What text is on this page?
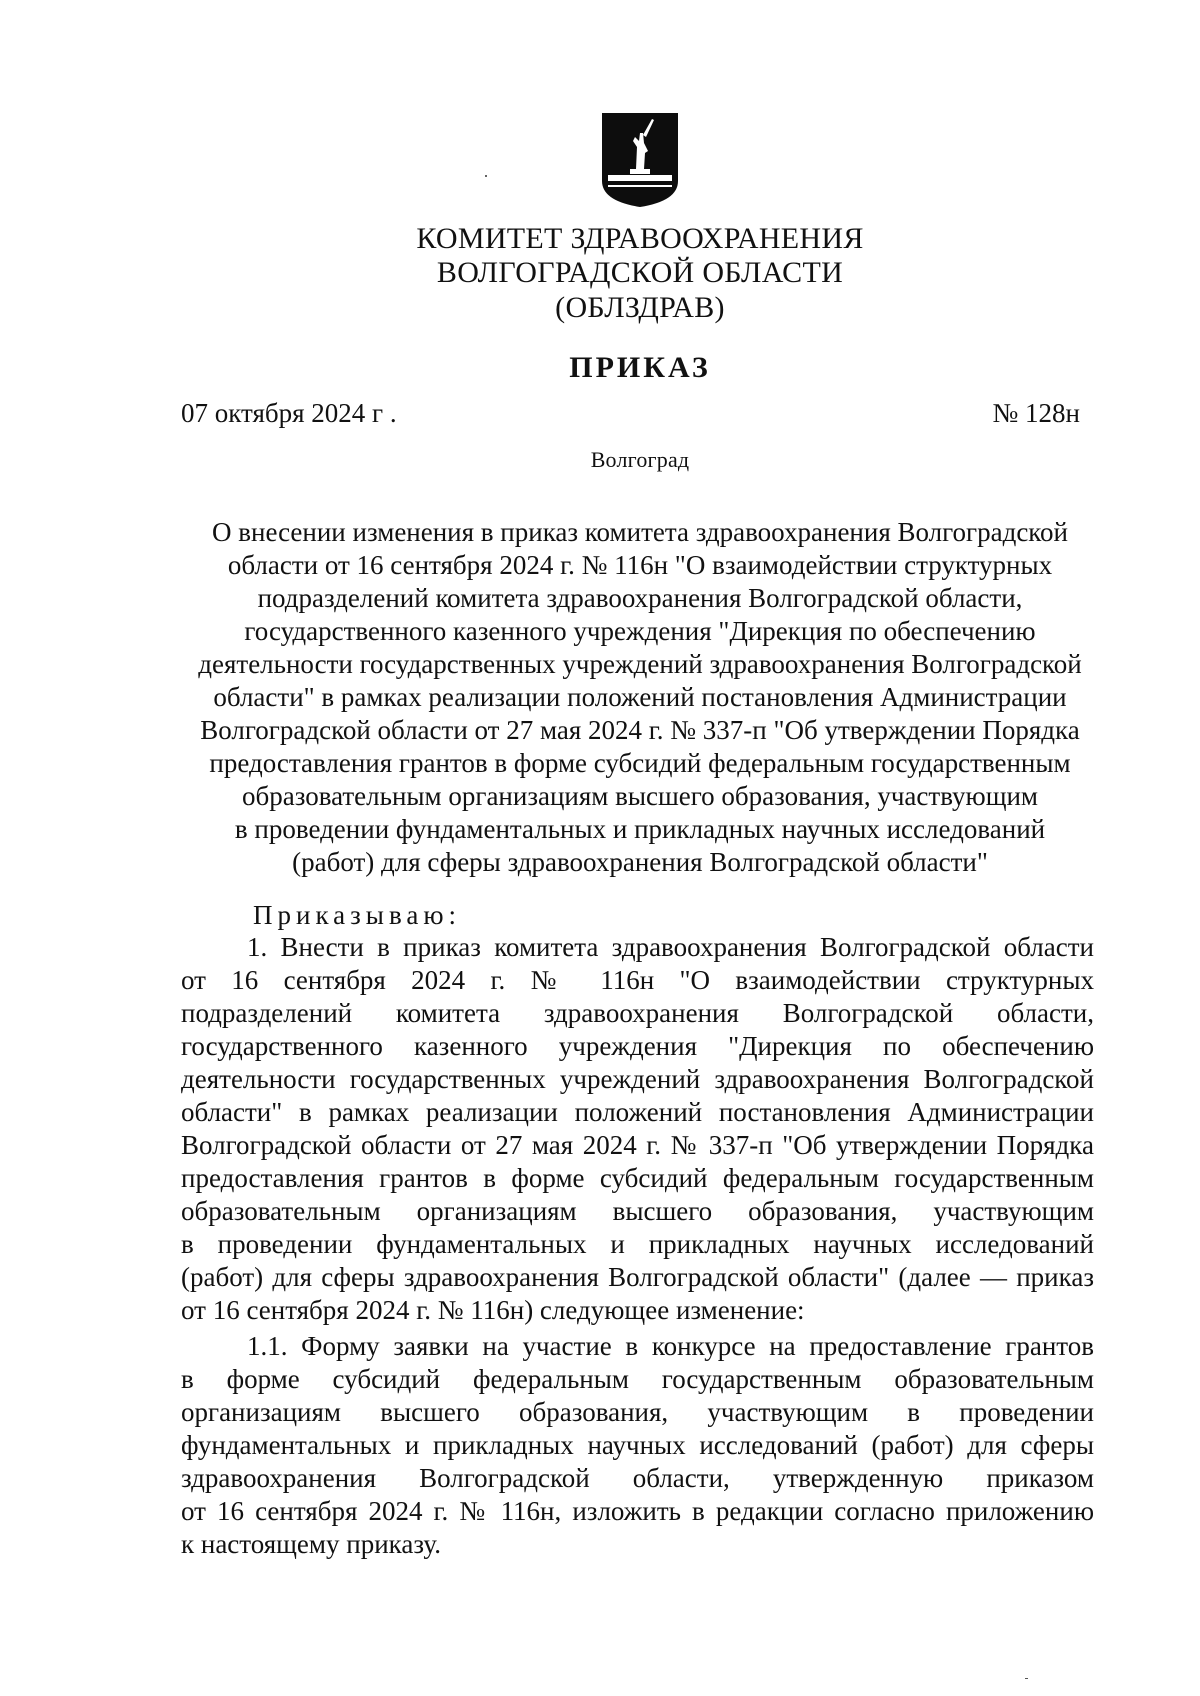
КОМИТЕТ ЗДРАВООХРАНЕНИЯ
ВОЛГОГРАДСКОЙ ОБЛАСТИ
(ОБЛЗДРАВ)
ПРИКАЗ
07 октября 2024 г .	№ 128н
Волгоград
О внесении изменения в приказ комитета здравоохранения Волгоградской
области от 16 сентября 2024 г. № 116н "О взаимодействии структурных
подразделений комитета здравоохранения Волгоградской области,
государственного казенного учреждения "Дирекция по обеспечению
деятельности государственных учреждений здравоохранения Волгоградской
области" в рамках реализации положений постановления Администрации
Волгоградской области от 27 мая 2024 г. № 337-п "Об утверждении Порядка
предоставления грантов в форме субсидий федеральным государственным
образовательным организациям высшего образования, участвующим
в проведении фундаментальных и прикладных научных исследований
(работ) для сферы здравоохранения Волгоградской области"
Приказываю:
1. Внести в приказ комитета здравоохранения Волгоградской области
от 16 сентября 2024 г. № 116н "О взаимодействии структурных
подразделений комитета здравоохранения Волгоградской области,
государственного казенного учреждения "Дирекция по обеспечению
деятельности государственных учреждений здравоохранения Волгоградской
области" в рамках реализации положений постановления Администрации
Волгоградской области от 27 мая 2024 г. № 337-п "Об утверждении Порядка
предоставления грантов в форме субсидий федеральным государственным
образовательным организациям высшего образования, участвующим
в проведении фундаментальных и прикладных научных исследований
(работ) для сферы здравоохранения Волгоградской области" (далее — приказ
от 16 сентября 2024 г. № 116н) следующее изменение:
1.1. Форму заявки на участие в конкурсе на предоставление грантов
в форме субсидий федеральным государственным образовательным
организациям высшего образования, участвующим в проведении
фундаментальных и прикладных научных исследований (работ) для сферы
здравоохранения Волгоградской области, утвержденную приказом
от 16 сентября 2024 г. № 116н, изложить в редакции согласно приложению
к настоящему приказу.
